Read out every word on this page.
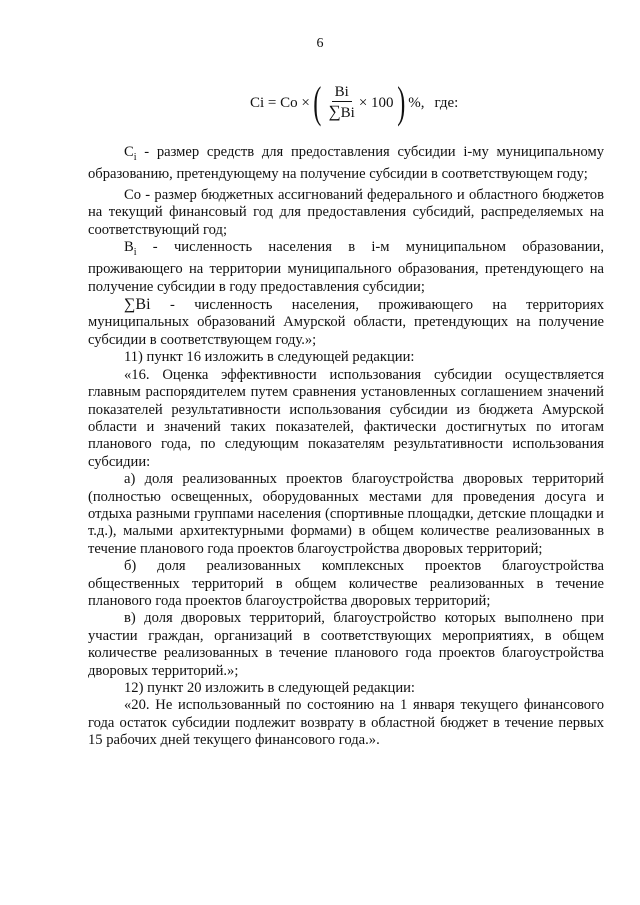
6
Ci = Co × ( $\frac{Bi}{\sum Bi} \times 100$ ) %, где:

$C_i$ - размер средств для предоставления субсидии i-му муниципальному образованию, претендующему на получение субсидии в соответствующем году;

Со - размер бюджетных ассигнований федерального и областного бюджетов на текущий финансовый год для предоставления субсидий, распределяемых на соответствующий год;

$B_i$ - численность населения в i-м муниципальном образовании, проживающего на территории муниципального образования, претендующего на получение субсидии в году предоставления субсидии;

∑Bi - численность населения, проживающего на территориях муниципальных образований Амурской области, претендующих на получение субсидии в соответствующем году.»;

11) пункт 16 изложить в следующей редакции:

«16. Оценка эффективности использования субсидии осуществляется главным распорядителем путем сравнения установленных соглашением значений показателей результативности использования субсидии из бюджета Амурской области и значений таких показателей, фактически достигнутых по итогам планового года, по следующим показателям результативности использования субсидии:

а) доля реализованных проектов благоустройства дворовых территорий (полностью освещенных, оборудованных местами для проведения досуга и отдыха разными группами населения (спортивные площадки, детские площадки и т.д.), малыми архитектурными формами) в общем количестве реализованных в течение планового года проектов благоустройства дворовых территорий;

б) доля реализованных комплексных проектов благоустройства общественных территорий в общем количестве реализованных в течение планового года проектов благоустройства дворовых территорий;

в) доля дворовых территорий, благоустройство которых выполнено при участии граждан, организаций в соответствующих мероприятиях, в общем количестве реализованных в течение планового года проектов благоустройства дворовых территорий.»;

12) пункт 20 изложить в следующей редакции:

«20. Не использованный по состоянию на 1 января текущего финансового года остаток субсидии подлежит возврату в областной бюджет в течение первых 15 рабочих дней текущего финансового года.».
